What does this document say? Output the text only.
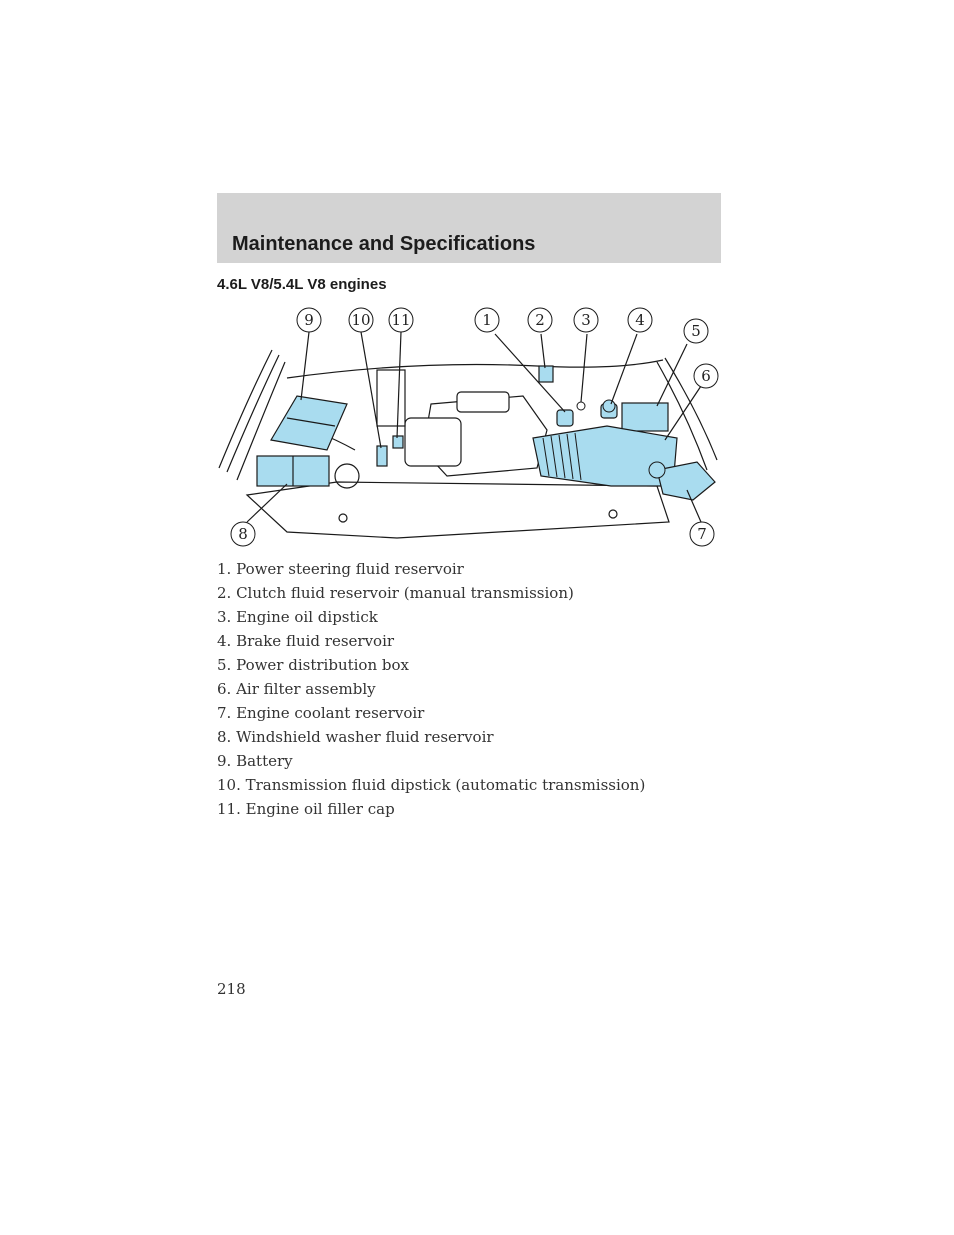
Maintenance and Specifications
4.6L V8/5.4L V8 engines
9	10 11	1	2 3	4
5
6
7
8
1. Power steering fluid reservoir
2. Clutch fluid reservoir (manual transmission)
3. Engine oil dipstick
4. Brake fluid reservoir
5. Power distribution box
6. Air filter assembly
7. Engine coolant reservoir
8. Windshield washer fluid reservoir
9. Battery
10. Transmission fluid dipstick (automatic transmission)
11. Engine oil filler cap
218
